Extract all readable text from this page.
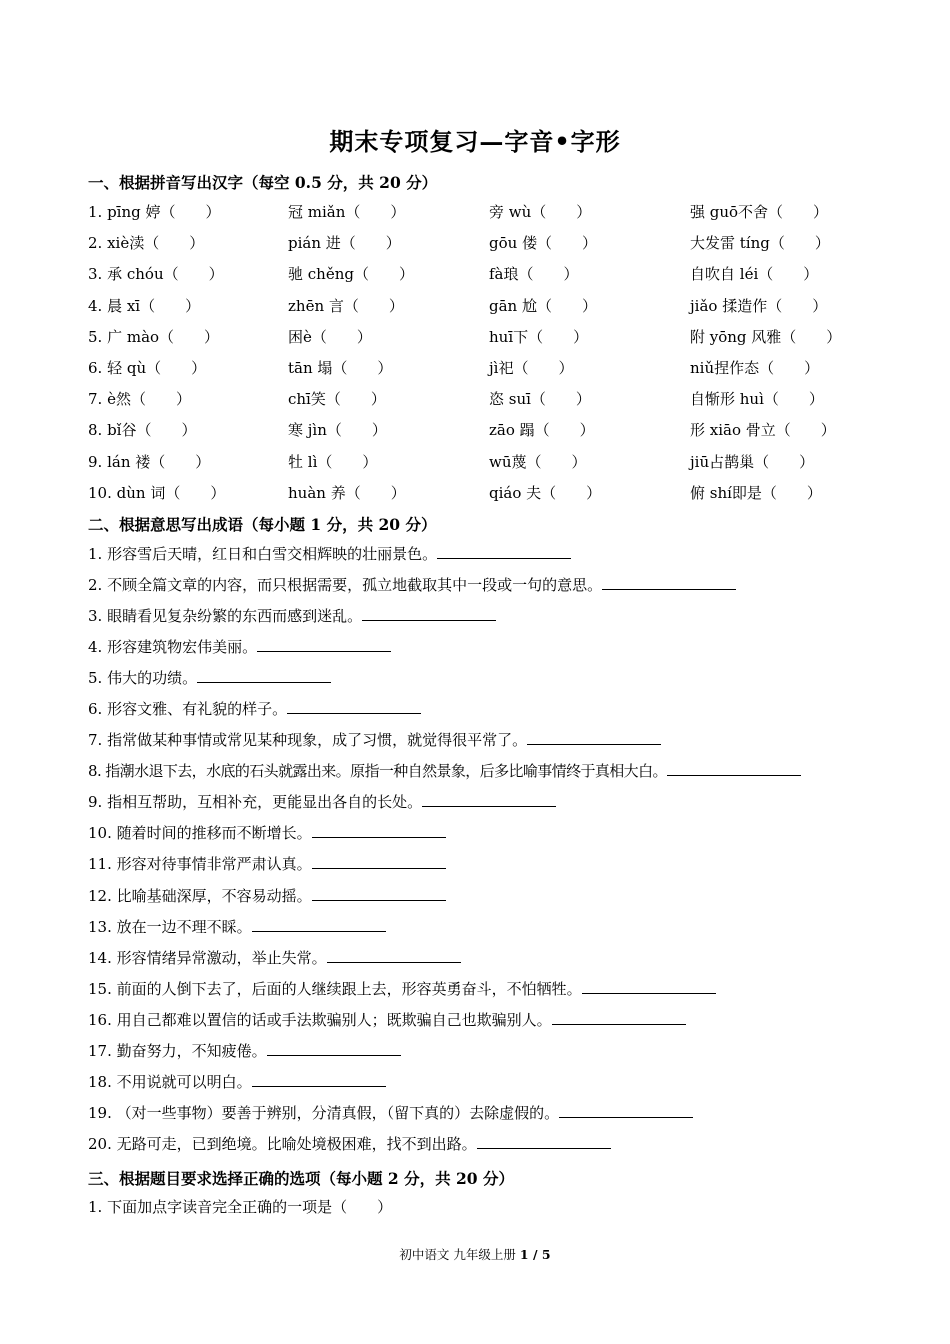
期末专项复习—字音•字形
一、根据拼音写出汉字（每空 0.5 分，共 20 分）
1. pīng 婷（　　）	冠 miǎn（　　）	旁 wù（　　）	强 guō不舍（　　）
2. xiè渎（　　）	pián 进（　　）	gōu 偻（　　）	大发雷 tíng（　　）
3. 承 chóu（　　）	驰 chěng（　　）	fà琅（　　）	自吹自 léi（　　）
4. 晨 xī（　　）	zhēn 言（　　）	gān 尬（　　）	jiǎo 揉造作（　　）
5. 广 mào（　　）	困è（　　）	huī下（　　）	附 yōng 风雅（　　）
6. 轻 qù（　　）	tān 塌（　　）	jì祀（　　）	niǔ捏作态（　　）
7. è然（　　）	chī笑（　　）	恣 suī（　　）	自惭形 huì（　　）
8. bǐ谷（　　）	寒 jìn（　　）	zāo 蹋（　　）	形 xiāo 骨立（　　）
9. lán 褛（　　）	牡 lì（　　）	wū蔑（　　）	jiū占鹊巢（　　）
10. dùn 词（　　）	huàn 养（　　）	qiáo 夫（　　）	俯 shí即是（　　）
二、根据意思写出成语（每小题 1 分，共 20 分）
1. 形容雪后天晴，红日和白雪交相辉映的壮丽景色。
2. 不顾全篇文章的内容，而只根据需要，孤立地截取其中一段或一句的意思。
3. 眼睛看见复杂纷繁的东西而感到迷乱。
4. 形容建筑物宏伟美丽。
5. 伟大的功绩。
6. 形容文雅、有礼貌的样子。
7. 指常做某种事情或常见某种现象，成了习惯，就觉得很平常了。
8. 指潮水退下去，水底的石头就露出来。原指一种自然景象，后多比喻事情终于真相大白。
9. 指相互帮助，互相补充，更能显出各自的长处。
10. 随着时间的推移而不断增长。
11. 形容对待事情非常严肃认真。
12. 比喻基础深厚，不容易动摇。
13. 放在一边不理不睬。
14. 形容情绪异常激动，举止失常。
15. 前面的人倒下去了，后面的人继续跟上去，形容英勇奋斗，不怕牺牲。
16. 用自己都难以置信的话或手法欺骗别人；既欺骗自己也欺骗别人。
17. 勤奋努力，不知疲倦。
18. 不用说就可以明白。
19. （对一些事物）要善于辨别，分清真假，（留下真的）去除虚假的。
20. 无路可走，已到绝境。比喻处境极困难，找不到出路。
三、根据题目要求选择正确的选项（每小题 2 分，共 20 分）
1. 下面加点字读音完全正确的一项是（　　）
初中语文 九年级上册 1 / 5
